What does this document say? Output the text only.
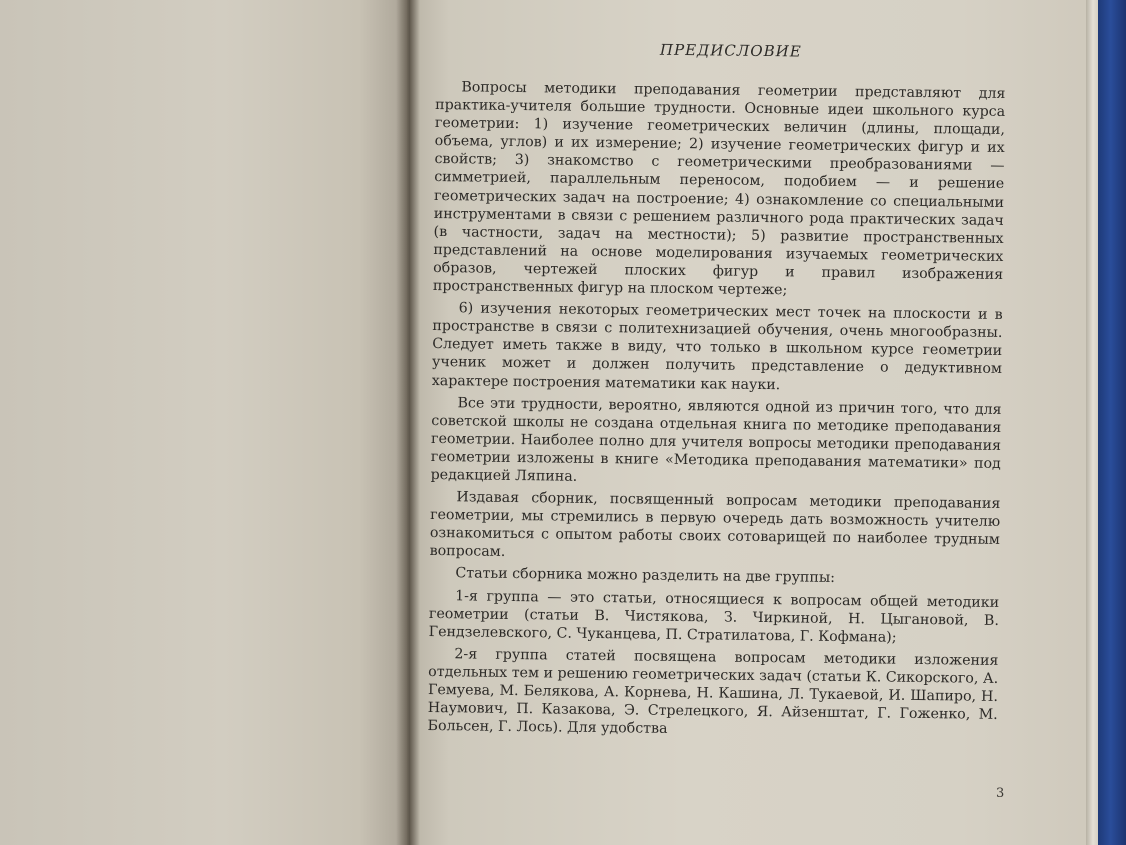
ПРЕДИСЛОВИЕ

Вопросы методики преподавания геометрии представляют для практика-учителя большие трудности. Основные идеи школьного курса геометрии: 1) изучение геометрических величин (длины, площади, объема, углов) и их измерение; 2) изучение геометрических фигур и их свойств; 3) знакомство с геометрическими преобразованиями — симметрией, параллельным переносом, подобием — и решение геометрических задач на построение; 4) ознакомление со специальными инструментами в связи с решением различного рода практических задач (в частности, задач на местности); 5) развитие пространственных представлений на основе моделирования изучаемых геометрических образов, чертежей плоских фигур и правил изображения пространственных фигур на плоском чертеже;

6) изучения некоторых геометрических мест точек на плоскости и в пространстве в связи с политехнизацией обучения, очень многообразны. Следует иметь также в виду, что только в школьном курсе геометрии ученик может и должен получить представление о дедуктивном характере построения математики как науки.

Все эти трудности, вероятно, являются одной из причин того, что для советской школы не создана отдельная книга по методике преподавания геометрии. Наиболее полно для учителя вопросы методики преподавания геометрии изложены в книге «Методика преподавания математики» под редакцией Ляпина.

Издавая сборник, посвященный вопросам методики преподавания геометрии, мы стремились в первую очередь дать возможность учителю ознакомиться с опытом работы своих сотоварищей по наиболее трудным вопросам.

Статьи сборника можно разделить на две группы:

1-я группа — это статьи, относящиеся к вопросам общей методики геометрии (статьи В. Чистякова, З. Чиркиной, Н. Цыгановой, В. Гендзелевского, С. Чуканцева, П. Стратилатова, Г. Кофмана);

2-я группа статей посвящена вопросам методики изложения отдельных тем и решению геометрических задач (статьи К. Сикорского, А. Гемуева, М. Белякова, А. Корнева, Н. Кашина, Л. Тукаевой, И. Шапиро, Н. Наумович, П. Казакова, Э. Стрелецкого, Я. Айзенштат, Г. Гоженко, М. Больсен, Г. Лось). Для удобства

3
